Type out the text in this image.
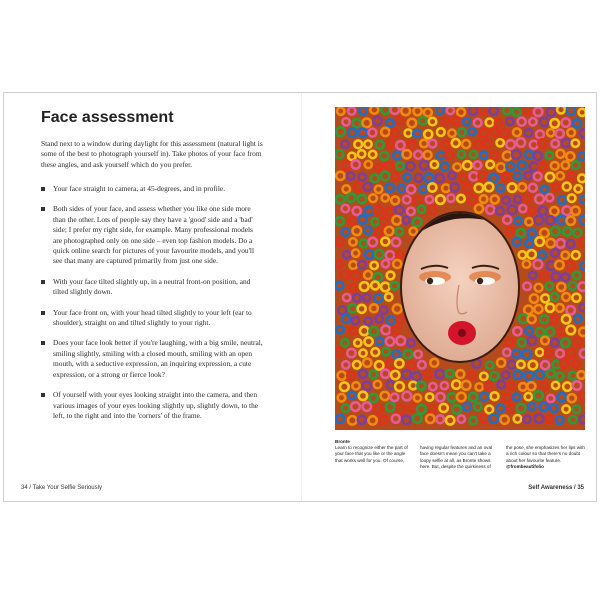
Face assessment

Stand next to a window during daylight for this assessment (natural light is some of the best to photograph yourself in). Take photos of your face from these angles, and ask yourself which do you prefer.

Your face straight to camera, at 45-degrees, and in profile.
Both sides of your face, and assess whether you like one side more than the other. Lots of people say they have a 'good' side and a 'bad' side; I prefer my right side, for example. Many professional models are photographed only on one side – even top fashion models. Do a quick online search for pictures of your favourite models, and you'll see that many are captured primarily from just one side.
With your face tilted slightly up, in a neutral front-on position, and tilted slightly down.
Your face front on, with your head tilted slightly to your left (ear to shoulder), straight on and tilted slightly to your right.
Does your face look better if you're laughing, with a big smile, neutral, smiling slightly, smiling with a closed mouth, smiling with an open mouth, with a seductive expression, an inquiring expression, a cute expression, or a strong or fierce look?
Of yourself with your eyes looking straight into the camera, and then various images of your eyes looking slightly up, slightly down, to the left, to the right and into the 'corners' of the frame.
34 / Take Your Selfie Seriously
Bronte
Learn to recognize either the part of your face that you like or the angle that works well for you. Of course,

having regular features and an oval face doesn't mean you can't take a loopy selfie at all, as Bronte shows here. But, despite the quirkiness of

the pose, she emphasizes her lips with a rich colour so that there's no doubt about her favourite feature.
@frombeautifolio
Self Awareness / 35
